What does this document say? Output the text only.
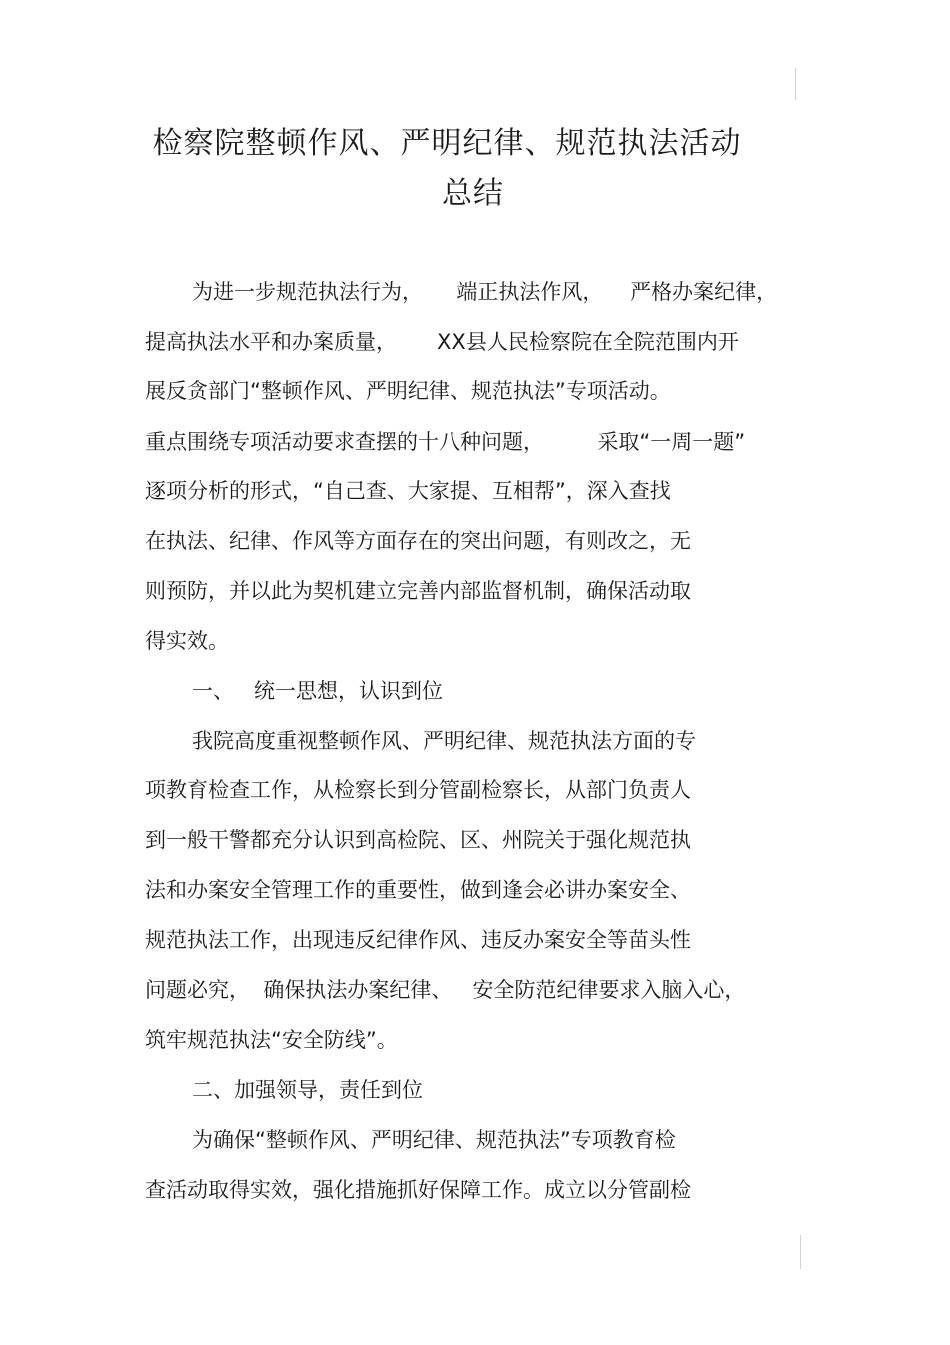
检察院整顿作风、严明纪律、规范执法活动
总结
为进一步规范执法行为，     端正执法作风，    严格办案纪律，
提高执法水平和办案质量，      XX县人民检察院在全院范围内开
展反贪部门“整顿作风、严明纪律、规范执法”专项活动。
重点围绕专项活动要求查摆的十八种问题，        采取“一周一题”
逐项分析的形式，“自己查、大家提、互相帮”，深入查找
在执法、纪律、作风等方面存在的突出问题，有则改之，无
则预防，并以此为契机建立完善内部监督机制，确保活动取
得实效。
一、   统一思想，认识到位
我院高度重视整顿作风、严明纪律、规范执法方面的专
项教育检查工作，从检察长到分管副检察长，从部门负责人
到一般干警都充分认识到高检院、区、州院关于强化规范执
法和办案安全管理工作的重要性，做到逢会必讲办案安全、
规范执法工作，出现违反纪律作风、违反办案安全等苗头性
问题必究，  确保执法办案纪律、   安全防范纪律要求入脑入心，
筑牢规范执法“安全防线”。
二、加强领导，责任到位
为确保“整顿作风、严明纪律、规范执法”专项教育检
查活动取得实效，强化措施抓好保障工作。成立以分管副检
